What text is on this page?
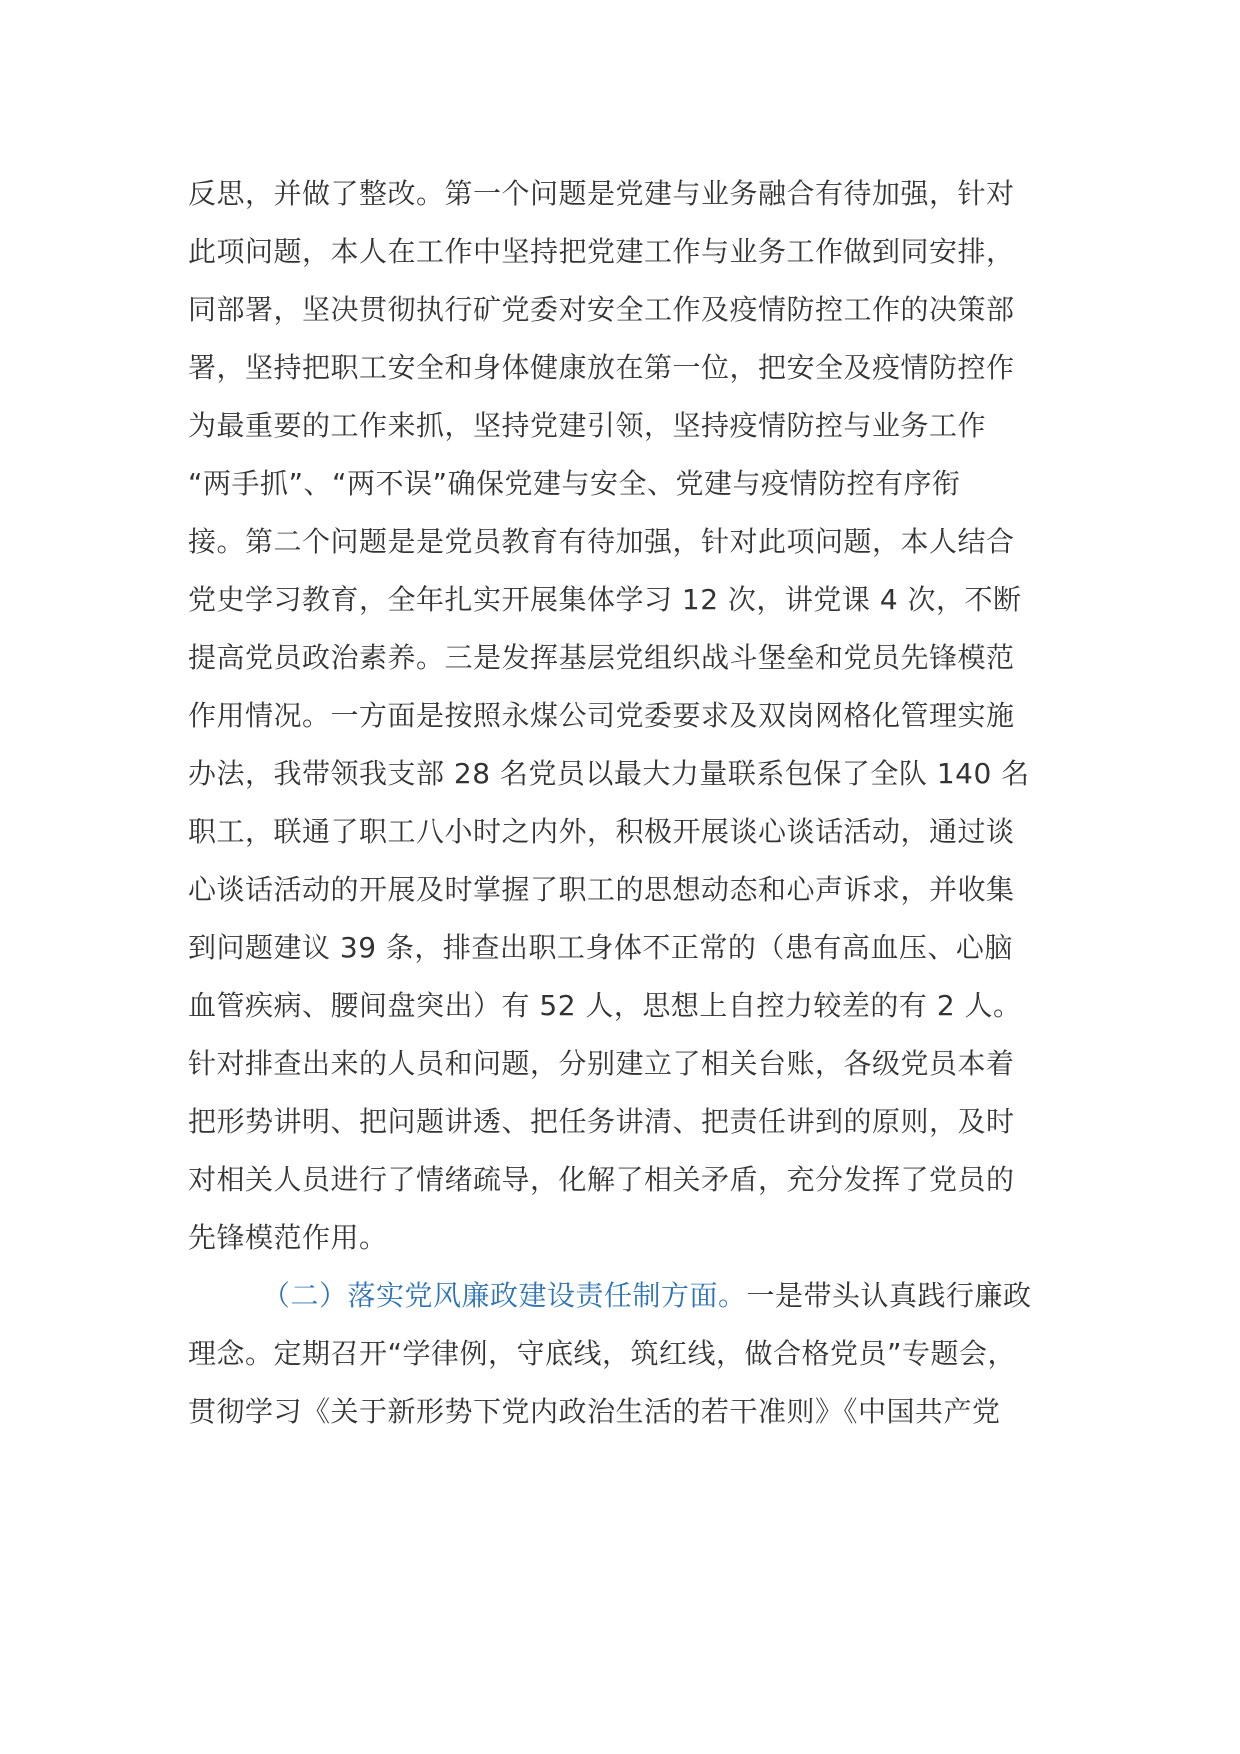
反思，并做了整改。第一个问题是党建与业务融合有待加强，针对
此项问题，本人在工作中坚持把党建工作与业务工作做到同安排，
同部署，坚决贯彻执行矿党委对安全工作及疫情防控工作的决策部
署，坚持把职工安全和身体健康放在第一位，把安全及疫情防控作
为最重要的工作来抓，坚持党建引领，坚持疫情防控与业务工作
“两手抓”、“两不误”确保党建与安全、党建与疫情防控有序衔
接。第二个问题是是党员教育有待加强，针对此项问题，本人结合
党史学习教育，全年扎实开展集体学习 12 次，讲党课 4 次，不断
提高党员政治素养。三是发挥基层党组织战斗堡垒和党员先锋模范
作用情况。一方面是按照永煤公司党委要求及双岗网格化管理实施
办法，我带领我支部 28 名党员以最大力量联系包保了全队 140 名
职工，联通了职工八小时之内外，积极开展谈心谈话活动，通过谈
心谈话活动的开展及时掌握了职工的思想动态和心声诉求，并收集
到问题建议 39 条，排查出职工身体不正常的（患有高血压、心脑
血管疾病、腰间盘突出）有 52 人，思想上自控力较差的有 2 人。
针对排查出来的人员和问题，分别建立了相关台账，各级党员本着
把形势讲明、把问题讲透、把任务讲清、把责任讲到的原则，及时
对相关人员进行了情绪疏导，化解了相关矛盾，充分发挥了党员的
先锋模范作用。
（二）落实党风廉政建设责任制方面。一是带头认真践行廉政
理念。定期召开“学律例，守底线，筑红线，做合格党员”专题会，
贯彻学习《关于新形势下党内政治生活的若干准则》《中国共产党
